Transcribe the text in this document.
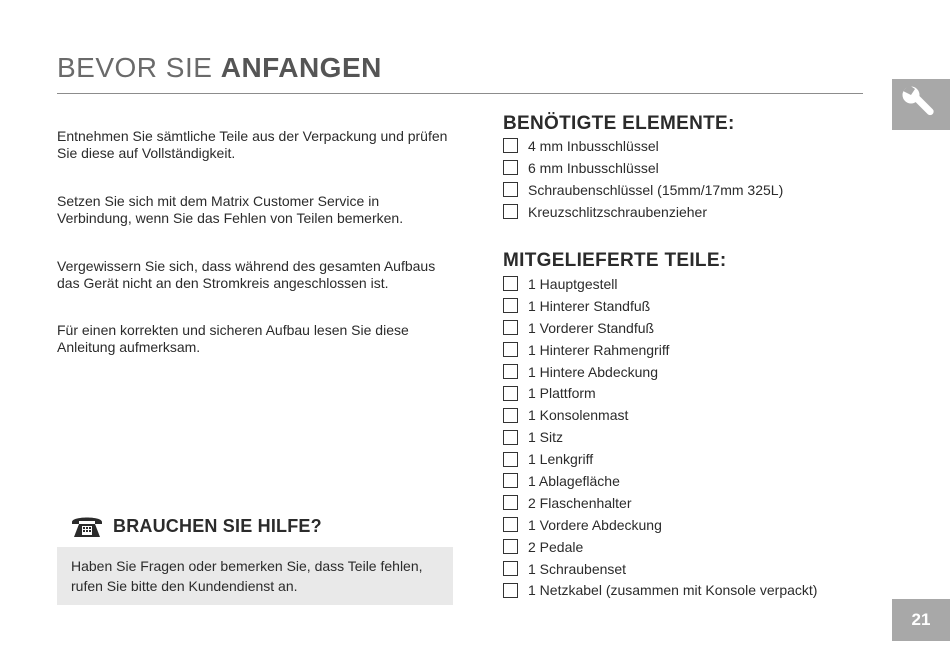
BEVOR SIE ANFANGEN
Entnehmen Sie sämtliche Teile aus der Verpackung und prüfen Sie diese auf Vollständigkeit.
Setzen Sie sich mit dem Matrix Customer Service in Verbindung, wenn Sie das Fehlen von Teilen bemerken.
Vergewissern Sie sich, dass während des gesamten Aufbaus das Gerät nicht an den Stromkreis angeschlossen ist.
Für einen korrekten und sicheren Aufbau lesen Sie diese Anleitung aufmerksam.
BRAUCHEN SIE HILFE?
Haben Sie Fragen oder bemerken Sie, dass Teile fehlen, rufen Sie bitte den Kundendienst an.
BENÖTIGTE ELEMENTE:
4 mm Inbusschlüssel
6 mm Inbusschlüssel
Schraubenschlüssel (15mm/17mm 325L)
Kreuzschlitzschraubenzieher
MITGELIEFERTE TEILE:
1 Hauptgestell
1 Hinterer Standfuß
1 Vorderer Standfuß
1 Hinterer Rahmengriff
1 Hintere Abdeckung
1 Plattform
1 Konsolenmast
1 Sitz
1 Lenkgriff
1 Ablagefläche
2 Flaschenhalter
1 Vordere Abdeckung
2 Pedale
1 Schraubenset
1 Netzkabel (zusammen mit Konsole verpackt)
21
